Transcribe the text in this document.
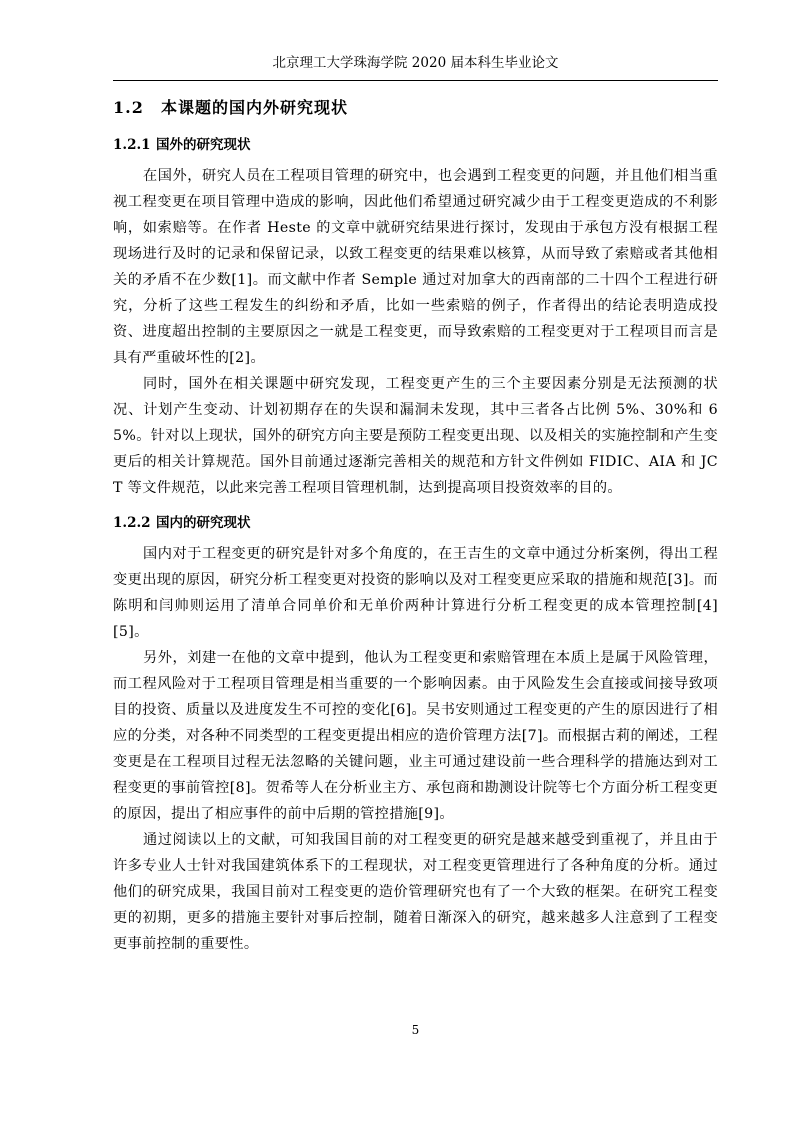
北京理工大学珠海学院 2020 届本科生毕业论文
1.2 本课题的国内外研究现状
1.2.1 国外的研究现状

在国外，研究人员在工程项目管理的研究中，也会遇到工程变更的问题，并且他们相当重视工程变更在项目管理中造成的影响，因此他们希望通过研究减少由于工程变更造成的不利影响，如索赔等。在作者 Heste 的文章中就研究结果进行探讨，发现由于承包方没有根据工程现场进行及时的记录和保留记录，以致工程变更的结果难以核算，从而导致了索赔或者其他相关的矛盾不在少数[1]。而文献中作者 Semple 通过对加拿大的西南部的二十四个工程进行研究，分析了这些工程发生的纠纷和矛盾，比如一些索赔的例子，作者得出的结论表明造成投资、进度超出控制的主要原因之一就是工程变更，而导致索赔的工程变更对于工程项目而言是具有严重破坏性的[2]。

同时，国外在相关课题中研究发现，工程变更产生的三个主要因素分别是无法预测的状况、计划产生变动、计划初期存在的失误和漏洞未发现，其中三者各占比例 5%、30%和 65%。针对以上现状，国外的研究方向主要是预防工程变更出现、以及相关的实施控制和产生变更后的相关计算规范。国外目前通过逐渐完善相关的规范和方针文件例如 FIDIC、AIA 和 JCT 等文件规范，以此来完善工程项目管理机制，达到提高项目投资效率的目的。

1.2.2 国内的研究现状

国内对于工程变更的研究是针对多个角度的，在王吉生的文章中通过分析案例，得出工程变更出现的原因，研究分析工程变更对投资的影响以及对工程变更应采取的措施和规范[3]。而陈明和闫帅则运用了清单合同单价和无单价两种计算进行分析工程变更的成本管理控制[4] [5]。

另外，刘建一在他的文章中提到，他认为工程变更和索赔管理在本质上是属于风险管理，而工程风险对于工程项目管理是相当重要的一个影响因素。由于风险发生会直接或间接导致项目的投资、质量以及进度发生不可控的变化[6]。吴书安则通过工程变更的产生的原因进行了相应的分类，对各种不同类型的工程变更提出相应的造价管理方法[7]。而根据古莉的阐述，工程变更是在工程项目过程无法忽略的关键问题，业主可通过建设前一些合理科学的措施达到对工程变更的事前管控[8]。贺希等人在分析业主方、承包商和勘测设计院等七个方面分析工程变更的原因，提出了相应事件的前中后期的管控措施[9]。

通过阅读以上的文献，可知我国目前的对工程变更的研究是越来越受到重视了，并且由于许多专业人士针对我国建筑体系下的工程现状，对工程变更管理进行了各种角度的分析。通过他们的研究成果，我国目前对工程变更的造价管理研究也有了一个大致的框架。在研究工程变更的初期，更多的措施主要针对事后控制，随着日渐深入的研究，越来越多人注意到了工程变更事前控制的重要性。

5
